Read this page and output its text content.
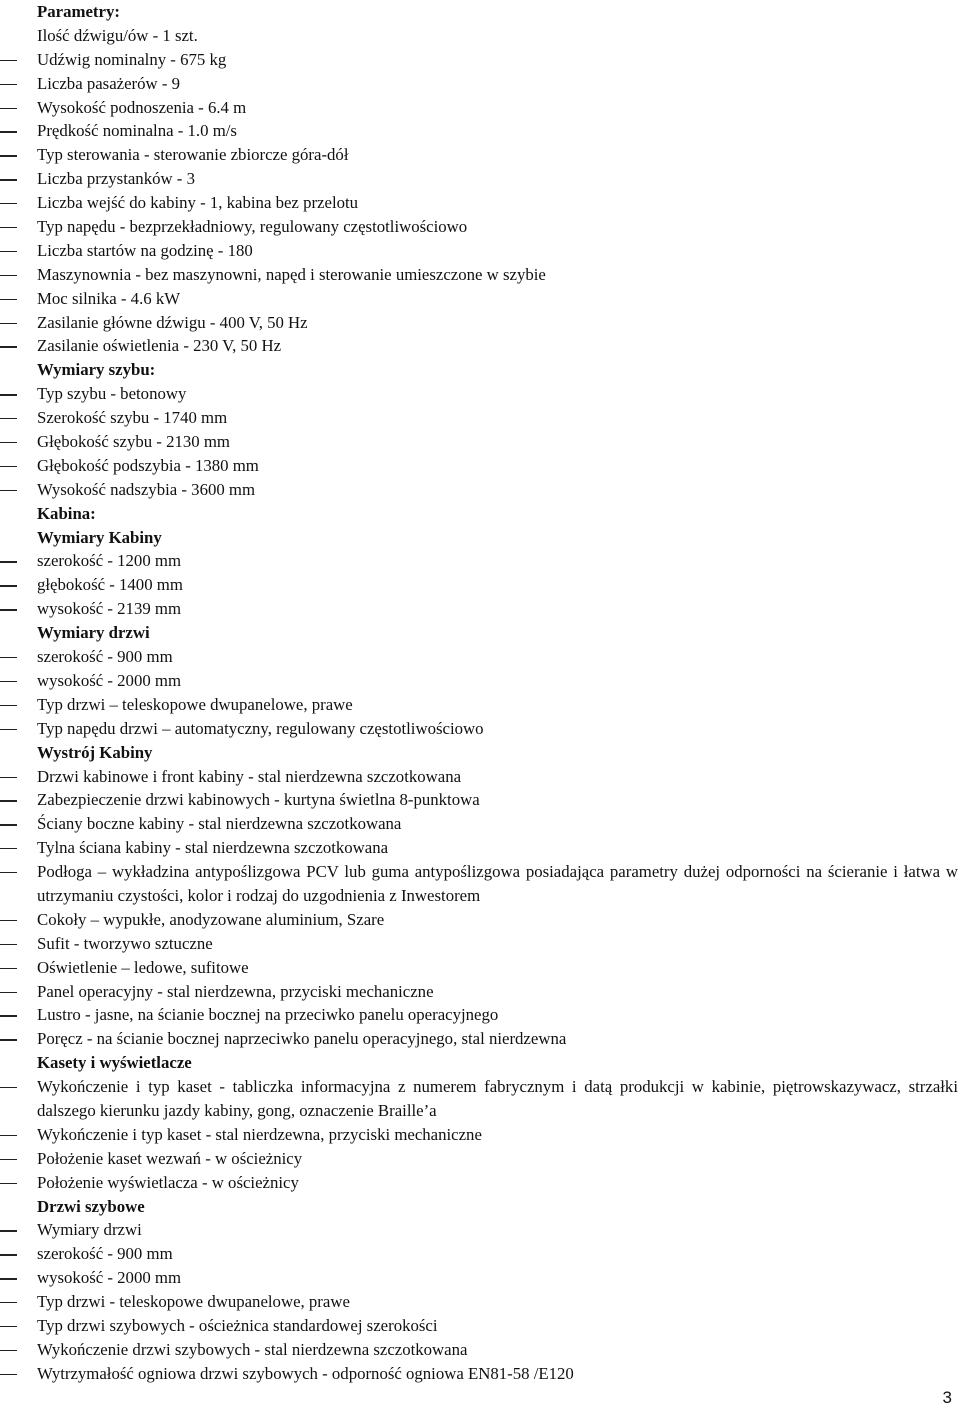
Parametry:
Ilość dźwigu/ów - 1 szt.
Udźwig nominalny - 675 kg
Liczba pasażerów - 9
Wysokość podnoszenia - 6.4 m
Prędkość nominalna - 1.0 m/s
Typ sterowania - sterowanie zbiorcze góra-dół
Liczba przystanków - 3
Liczba wejść do kabiny - 1, kabina bez przelotu
Typ napędu - bezprzekładniowy, regulowany częstotliwościowo
Liczba startów na godzinę - 180
Maszynownia - bez maszynowni, napęd i sterowanie umieszczone w szybie
Moc silnika - 4.6 kW
Zasilanie główne dźwigu - 400 V, 50 Hz
Zasilanie oświetlenia - 230 V, 50 Hz
Wymiary szybu:
Typ szybu - betonowy
Szerokość szybu - 1740 mm
Głębokość szybu - 2130 mm
Głębokość podszybia - 1380 mm
Wysokość nadszybia - 3600 mm
Kabina:
Wymiary Kabiny
szerokość - 1200 mm
głębokość - 1400 mm
wysokość - 2139 mm
Wymiary drzwi
szerokość - 900 mm
wysokość - 2000 mm
Typ drzwi – teleskopowe dwupanelowe, prawe
Typ napędu drzwi – automatyczny, regulowany częstotliwościowo
Wystrój Kabiny
Drzwi kabinowe i front kabiny - stal nierdzewna szczotkowana
Zabezpieczenie drzwi kabinowych - kurtyna świetlna 8-punktowa
Ściany boczne kabiny - stal nierdzewna szczotkowana
Tylna ściana kabiny - stal nierdzewna szczotkowana
Podłoga – wykładzina antypoślizgowa PCV lub guma antypoślizgowa posiadająca parametry dużej odporności na ścieranie i łatwa w utrzymaniu czystości, kolor i rodzaj do uzgodnienia z Inwestorem
Cokoły – wypukłe, anodyzowane aluminium, Szare
Sufit - tworzywo sztuczne
Oświetlenie – ledowe, sufitowe
Panel operacyjny - stal nierdzewna, przyciski mechaniczne
Lustro - jasne, na ścianie bocznej na przeciwko panelu operacyjnego
Poręcz - na ścianie bocznej naprzeciwko panelu operacyjnego, stal nierdzewna
Kasety i wyświetlacze
Wykończenie i typ kaset - tabliczka informacyjna z numerem fabrycznym i datą produkcji w kabinie, piętrowskazywacz, strzałki dalszego kierunku jazdy kabiny, gong, oznaczenie Braille’a
Wykończenie i typ kaset - stal nierdzewna, przyciski mechaniczne
Położenie kaset wezwań - w ościeżnicy
Położenie wyświetlacza - w ościeżnicy
Drzwi szybowe
Wymiary drzwi
szerokość - 900 mm
wysokość - 2000 mm
Typ drzwi - teleskopowe dwupanelowe, prawe
Typ drzwi szybowych - ościeżnica standardowej szerokości
Wykończenie drzwi szybowych - stal nierdzewna szczotkowana
Wytrzymałość ogniowa drzwi szybowych - odporność ogniowa EN81-58 /E120
3
